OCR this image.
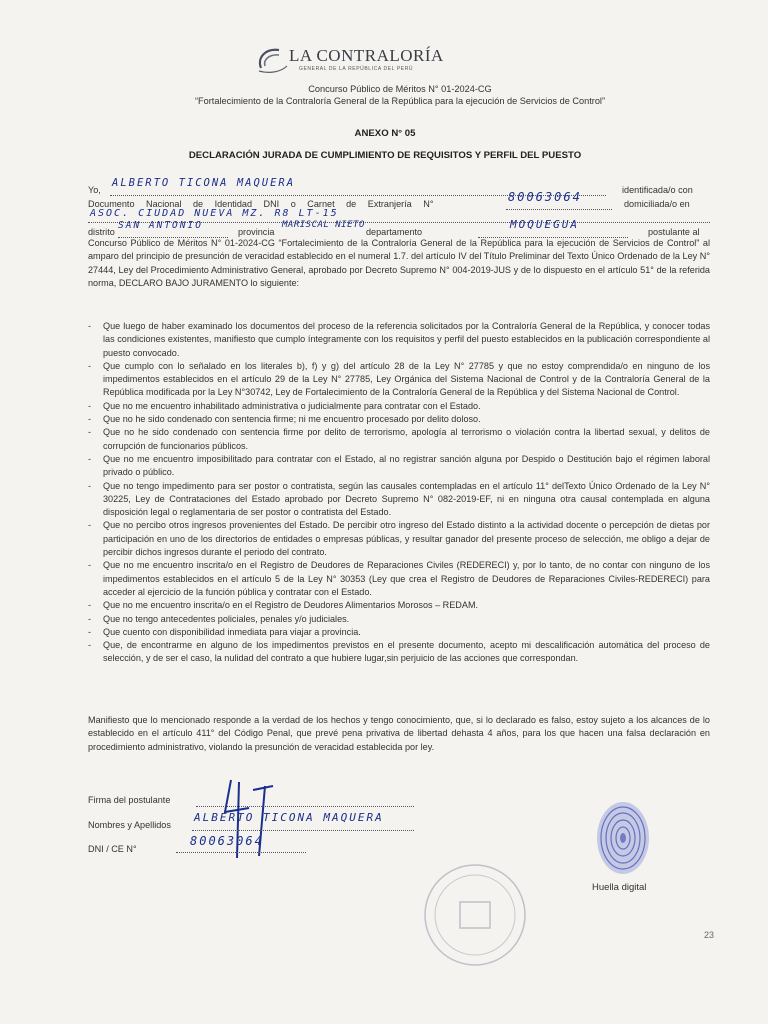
LA CONTRALORÍA
GENERAL DE LA REPÚBLICA DEL PERÚ
Concurso Público de Méritos N° 01-2024-CG
“Fortalecimiento de la Contraloría General de la República para la ejecución de Servicios de Control”
ANEXO N° 05
DECLARACIÓN JURADA DE CUMPLIMIENTO DE REQUISITOS Y PERFIL DEL PUESTO
Yo,
ALBERTO TICONA MAQUERA
identificada/o con
Documento Nacional de Identidad DNI o Carnet de Extranjería N°	80063064	domiciliada/o en
ASOC. CIUDAD NUEVA MZ. R8 LT-15
distrito
SAN ANTONIO
provincia
MARISCAL NIETO
departamento
MOQUEGUA
postulante al
Concurso Público de Méritos N° 01-2024-CG “Fortalecimiento de la Contraloría General de la República para la ejecución de Servicios de Control” al amparo del principio de presunción de veracidad establecido en el numeral 1.7. del artículo IV del Título Preliminar del Texto Único Ordenado de la Ley N° 27444, Ley del Procedimiento Administrativo General, aprobado por Decreto Supremo N° 004-2019-JUS y de lo dispuesto en el artículo 51° de la referida norma, DECLARO BAJO JURAMENTO lo siguiente:
- Que luego de haber examinado los documentos del proceso de la referencia solicitados por la Contraloría General de la República, y conocer todas las condiciones existentes, manifiesto que cumplo íntegramente con los requisitos y perfil del puesto establecidos en la publicación correspondiente al puesto convocado.
- Que cumplo con lo señalado en los literales b), f) y g) del artículo 28 de la Ley N° 27785 y que no estoy comprendida/o en ninguno de los impedimentos establecidos en el artículo 29 de la Ley N° 27785, Ley Orgánica del Sistema Nacional de Control y de la Contraloría General de la República modificada por la Ley N°30742, Ley de Fortalecimiento de la Contraloría General de la República y del Sistema Nacional de Control.
- Que no me encuentro inhabilitado administrativa o judicialmente para contratar con el Estado.
- Que no he sido condenado con sentencia firme; ni me encuentro procesado por delito doloso.
- Que no he sido condenado con sentencia firme por delito de terrorismo, apología al terrorismo o violación contra la libertad sexual, y delitos de corrupción de funcionarios públicos.
- Que no me encuentro imposibilitado para contratar con el Estado, al no registrar sanción alguna por Despido o Destitución bajo el régimen laboral privado o público.
- Que no tengo impedimento para ser postor o contratista, según las causales contempladas en el artículo 11° delTexto Único Ordenado de la Ley N° 30225, Ley de Contrataciones del Estado aprobado por Decreto Supremo N° 082-2019-EF, ni en ninguna otra causal contemplada en alguna disposición legal o reglamentaria de ser postor o contratista del Estado.
- Que no percibo otros ingresos provenientes del Estado. De percibir otro ingreso del Estado distinto a la actividad docente o percepción de dietas por participación en uno de los directorios de entidades o empresas públicas, y resultar ganador del presente proceso de selección, me obligo a dejar de percibir dichos ingresos durante el periodo del contrato.
- Que no me encuentro inscrita/o en el Registro de Deudores de Reparaciones Civiles (REDERECI) y, por lo tanto, de no contar con ninguno de los impedimentos establecidos en el artículo 5 de la Ley N° 30353 (Ley que crea el Registro de Deudores de Reparaciones Civiles-REDERECI) para acceder al ejercicio de la función pública y contratar con el Estado.
- Que no me encuentro inscrita/o en el Registro de Deudores Alimentarios Morosos – REDAM.
- Que no tengo antecedentes policiales, penales y/o judiciales.
- Que cuento con disponibilidad inmediata para viajar a provincia.
- Que, de encontrarme en alguno de los impedimentos previstos en el presente documento, acepto mi descalificación automática del proceso de selección, y de ser el caso, la nulidad del contrato a que hubiere lugar,sin perjuicio de las acciones que correspondan.
Manifiesto que lo mencionado responde a la verdad de los hechos y tengo conocimiento, que, si lo declarado es falso, estoy sujeto a los alcances de lo establecido en el artículo 411° del Código Penal, que prevé pena privativa de libertad dehasta 4 años, para los que hacen una falsa declaración en procedimiento administrativo, violando la presunción de veracidad establecida por ley.
Firma del postulante
Nombres y Apellidos
ALBERTO TICONA MAQUERA
DNI / CE N°
80063064
Huella digital
23
